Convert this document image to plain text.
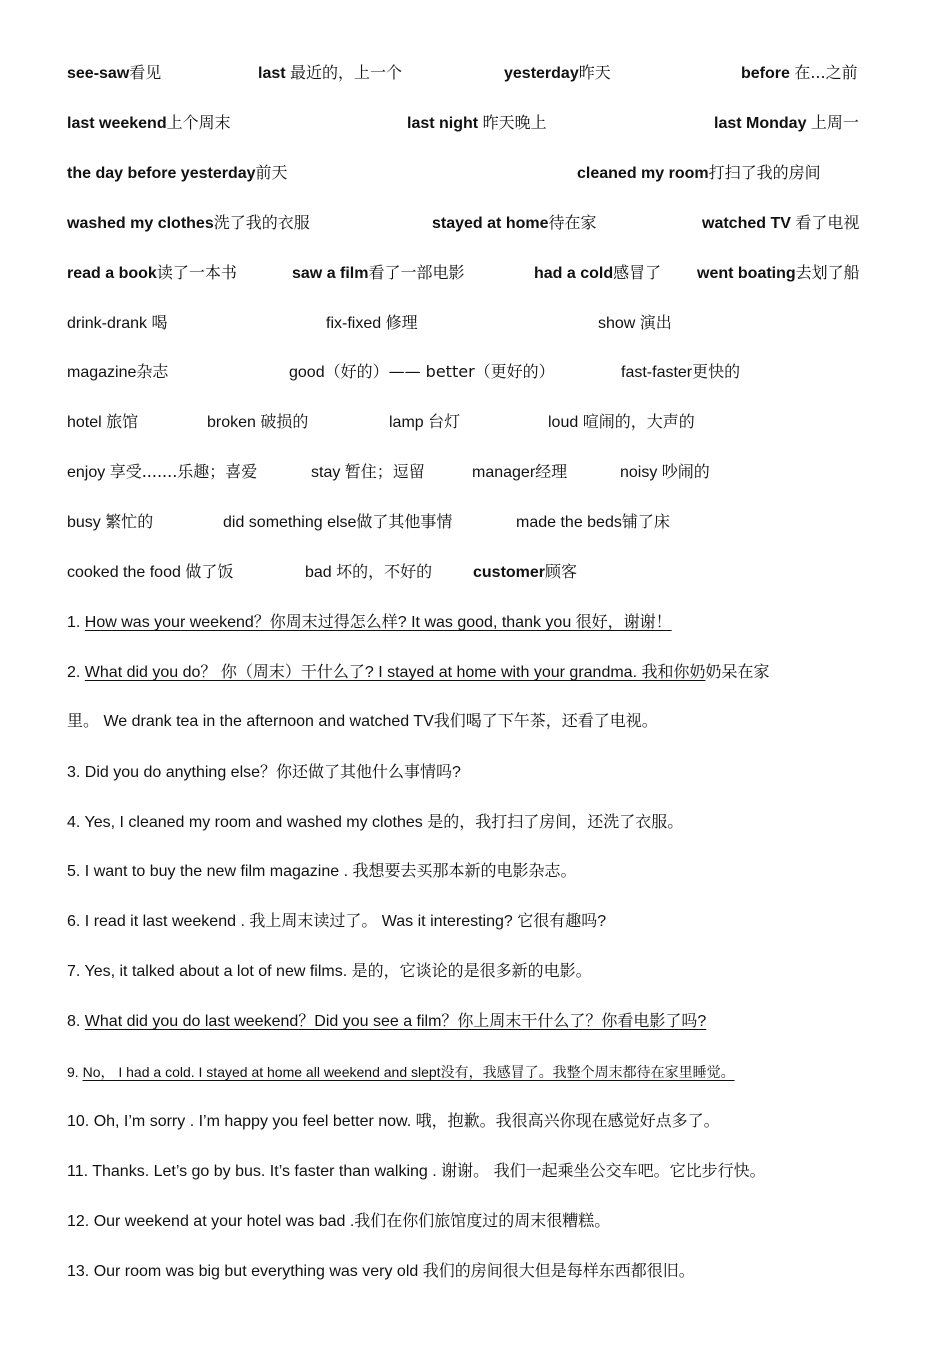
see-saw看见	last 最近的，上一个	yesterday昨天	before 在...之前
last weekend上个周末	last night 昨天晚上	last Monday 上周一
the day before yesterday前天	cleaned my room打扫了我的房间
washed my clothes洗了我的衣服	stayed at home待在家	watched TV 看了电视
read a book读了一本书	saw a film看了一部电影	had a cold感冒了 went boating去划了船
drink-drank 喝	fix-fixed 修理	show 演出
magazine杂志	good（好的）—— better（更好的）	fast-faster更快的
hotel 旅馆	broken 破损的	lamp 台灯	loud 喧闹的，大声的
enjoy 享受.......乐趣；喜爱	stay 暂住；逗留	manager经理	noisy 吵闹的
busy 繁忙的	did something else做了其他事情	made the beds铺了床
cooked the food 做了饭	bad 坏的，不好的	customer顾客
1. How was your weekend？你周末过得怎么样? It was good, thank you 很好，谢谢！
2. What did you do？ 你（周末）干什么了? I stayed at home with your grandma. 我和你奶奶呆在家
里。 We drank tea in the afternoon and watched TV我们喝了下午茶，还看了电视。
3. Did you do anything else？你还做了其他什么事情吗?
4. Yes, I cleaned my room and washed my clothes 是的，我打扫了房间，还洗了衣服。
5. I want to buy the new film magazine . 我想要去买那本新的电影杂志。
6. I read it last weekend . 我上周末读过了。 Was it interesting? 它很有趣吗?
7. Yes, it talked about a lot of new films. 是的，它谈论的是很多新的电影。
8. What did you do last weekend？Did you see a film？你上周末干什么了？你看电影了吗?
9. No， I had a cold. I stayed at home all weekend and slept没有，我感冒了。我整个周末都待在家里睡觉。
10. Oh, I’m sorry . I’m happy you feel better now. 哦，抱歉。我很高兴你现在感觉好点多了。
11. Thanks. Let’s go by bus. It’s faster than walking . 谢谢。 我们一起乘坐公交车吧。它比步行快。
12. Our weekend at your hotel was bad .我们在你们旅馆度过的周末很糟糕。
13. Our room was big but everything was very old 我们的房间很大但是每样东西都很旧。
